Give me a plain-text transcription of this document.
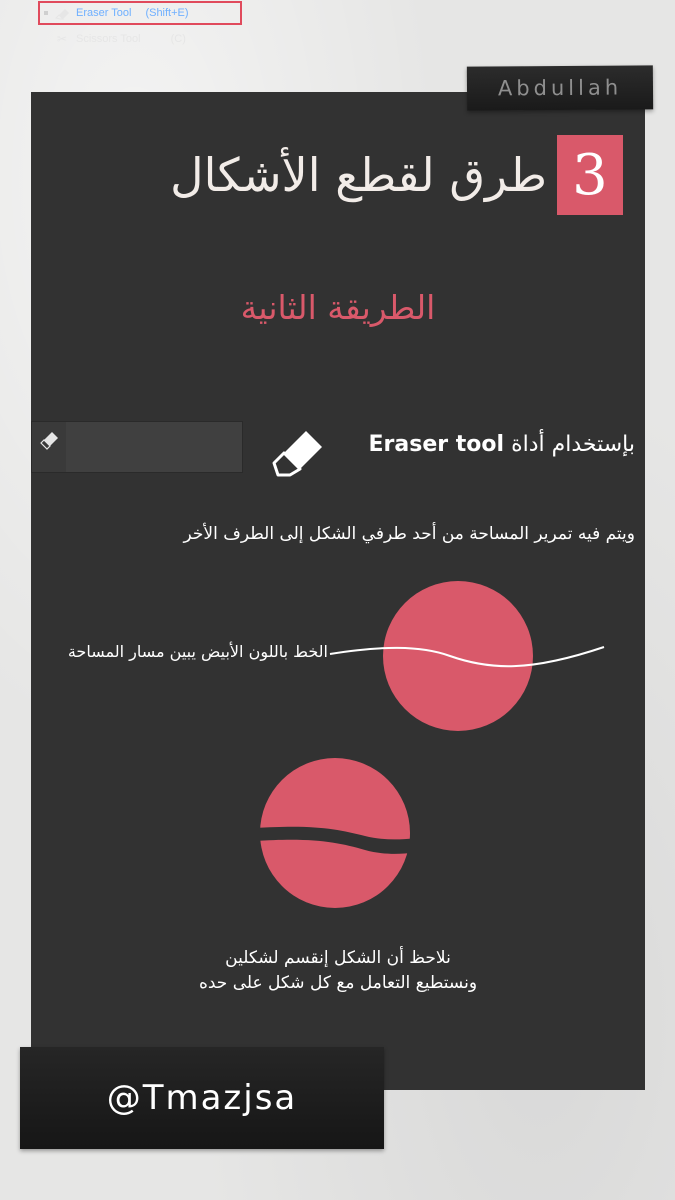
Abdullah
طرق لقطع الأشكال 3
الطريقة الثانية
Eraser Tool (Shift+E)
✂ Scissors Tool	(C)
بإستخدام أداة Eraser tool
ويتم فيه تمرير المساحة من أحد طرفي الشكل إلى الطرف الأخر
الخط باللون الأبيض يبين مسار المساحة
نلاحظ أن الشكل إنقسم لشكلين
ونستطيع التعامل مع كل شكل على حده
@Tmazjsa
